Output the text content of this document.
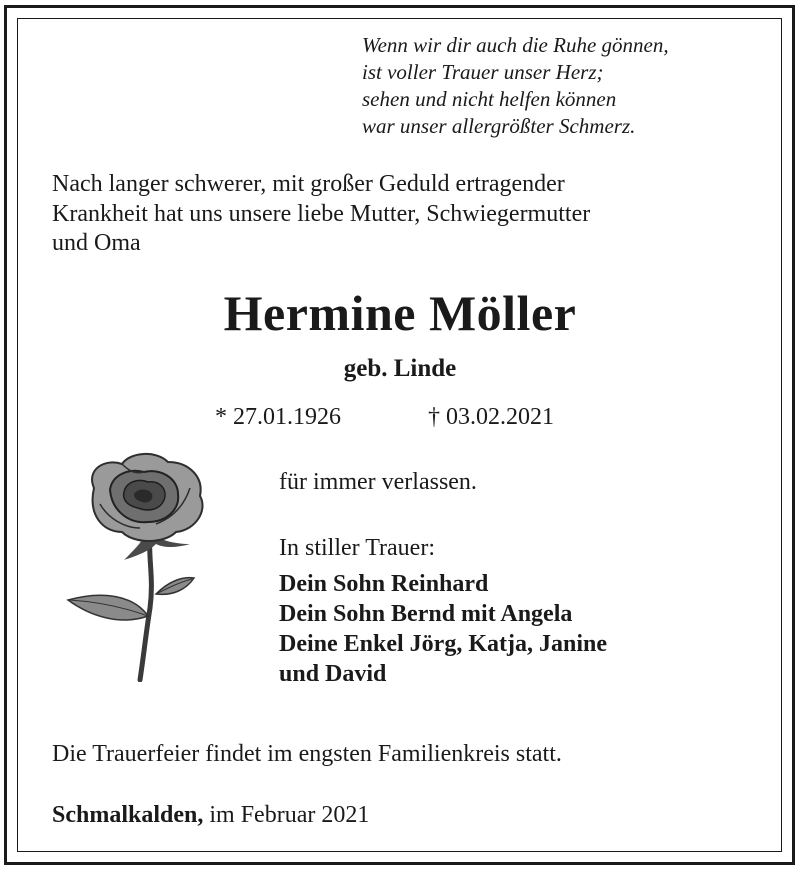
Wenn wir dir auch die Ruhe gönnen,
ist voller Trauer unser Herz;
sehen und nicht helfen können
war unser allergrößter Schmerz.
Nach langer schwerer, mit großer Geduld ertragender
Krankheit hat uns unsere liebe Mutter, Schwiegermutter
und Oma
Hermine Möller
geb. Linde
* 27.01.1926	† 03.02.2021
für immer verlassen.
In stiller Trauer:
Dein Sohn Reinhard
Dein Sohn Bernd mit Angela
Deine Enkel Jörg, Katja, Janine
und David
Die Trauerfeier findet im engsten Familienkreis statt.
Schmalkalden, im Februar 2021
